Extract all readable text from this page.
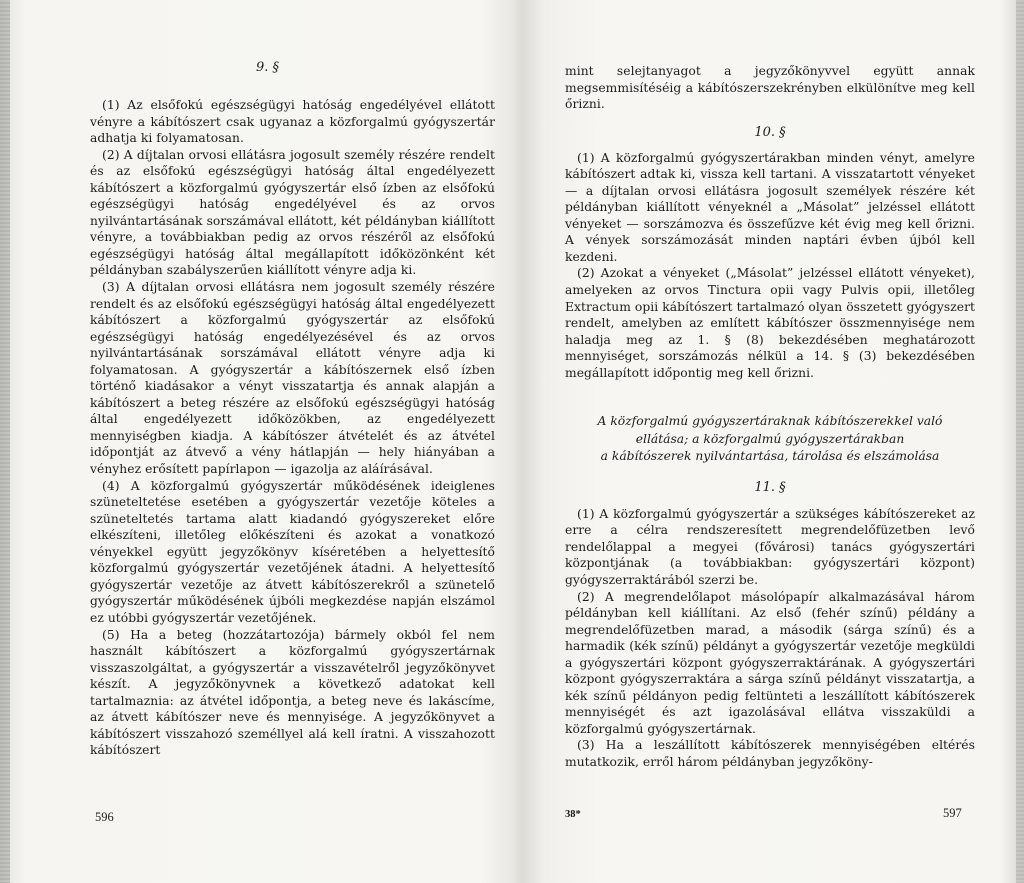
9. §

(1) Az elsőfokú egészségügyi hatóság engedélyével ellátott vényre a kábítószert csak ugyanaz a közforgalmú gyógyszertár adhatja ki folyamatosan.

(2) A díjtalan orvosi ellátásra jogosult személy részére rendelt és az elsőfokú egészségügyi hatóság által engedélyezett kábítószert a közforgalmú gyógyszertár első ízben az elsőfokú egészségügyi hatóság engedélyével és az orvos nyilvántartásának sorszámával ellátott, két példányban kiállított vényre, a továbbiakban pedig az orvos részéről az elsőfokú egészségügyi hatóság által megállapított időközönként két példányban szabályszerűen kiállított vényre adja ki.

(3) A díjtalan orvosi ellátásra nem jogosult személy részére rendelt és az elsőfokú egészségügyi hatóság által engedélyezett kábítószert a közforgalmú gyógyszertár az elsőfokú egészségügyi hatóság engedélyezésével és az orvos nyilvántartásának sorszámával ellátott vényre adja ki folyamatosan. A gyógyszertár a kábítószernek első ízben történő kiadásakor a vényt visszatartja és annak alapján a kábítószert a beteg részére az elsőfokú egészségügyi hatóság által engedélyezett időközökben, az engedélyezett mennyiségben kiadja. A kábítószer átvételét és az átvétel időpontját az átvevő a vény hátlapján — hely hiányában a vényhez erősített papírlapon — igazolja az aláírásával.

(4) A közforgalmú gyógyszertár működésének ideiglenes szüneteltetése esetében a gyógyszertár vezetője köteles a szüneteltetés tartama alatt kiadandó gyógyszereket előre elkészíteni, illetőleg előkészíteni és azokat a vonatkozó vényekkel együtt jegyzőkönyv kíséretében a helyettesítő közforgalmú gyógyszertár vezetőjének átadni. A helyettesítő gyógyszertár vezetője az átvett kábítószerekről a szünetelő gyógyszertár működésének újbóli megkezdése napján elszámol ez utóbbi gyógyszertár vezetőjének.

(5) Ha a beteg (hozzátartozója) bármely okból fel nem használt kábítószert a közforgalmú gyógyszertárnak visszaszolgáltat, a gyógyszertár a visszavételről jegyzőkönyvet készít. A jegyzőkönyvnek a következő adatokat kell tartalmaznia: az átvétel időpontja, a beteg neve és lakáscíme, az átvett kábítószer neve és mennyisége. A jegyzőkönyvet a kábítószert visszahozó személlyel alá kell íratni. A visszahozott kábítószert

596

mint selejtanyagot a jegyzőkönyvvel együtt annak megsemmisítéséig a kábítószerszekrényben elkülönítve meg kell őrizni.

10. §

(1) A közforgalmú gyógyszertárakban minden vényt, amelyre kábítószert adtak ki, vissza kell tartani. A visszatartott vényeket — a díjtalan orvosi ellátásra jogosult személyek részére két példányban kiállított vényeknél a „Másolat” jelzéssel ellátott vényeket — sorszámozva és összefűzve két évig meg kell őrizni. A vények sorszámozását minden naptári évben újból kell kezdeni.

(2) Azokat a vényeket („Másolat” jelzéssel ellátott vényeket), amelyeken az orvos Tinctura opii vagy Pulvis opii, illetőleg Extractum opii kábítószert tartalmazó olyan összetett gyógyszert rendelt, amelyben az említett kábítószer összmennyisége nem haladja meg az 1. § (8) bekezdésében meghatározott mennyiséget, sorszámozás nélkül a 14. § (3) bekezdésében megállapított időpontig meg kell őrizni.

A közforgalmú gyógyszertáraknak kábítószerekkel való

ellátása; a közforgalmú gyógyszertárakban

a kábítószerek nyilvántartása, tárolása és elszámolása

11. §

(1) A közforgalmú gyógyszertár a szükséges kábítószereket az erre a célra rendszeresített megrendelőfüzetben levő rendelőlappal a megyei (fővárosi) tanács gyógyszertári központjának (a továbbiakban: gyógyszertári központ) gyógyszerraktárából szerzi be.

(2) A megrendelőlapot másolópapír alkalmazásával három példányban kell kiállítani. Az első (fehér színű) példány a megrendelőfüzetben marad, a második (sárga színű) és a harmadik (kék színű) példányt a gyógyszertár vezetője megküldi a gyógyszertári központ gyógyszerraktárának. A gyógyszertári központ gyógyszerraktára a sárga színű példányt visszatartja, a kék színű példányon pedig feltünteti a leszállított kábítószerek mennyiségét és azt igazolásával ellátva visszaküldi a közforgalmú gyógyszertárnak.

(3) Ha a leszállított kábítószerek mennyiségében eltérés mutatkozik, erről három példányban jegyzőköny-

38*	597
